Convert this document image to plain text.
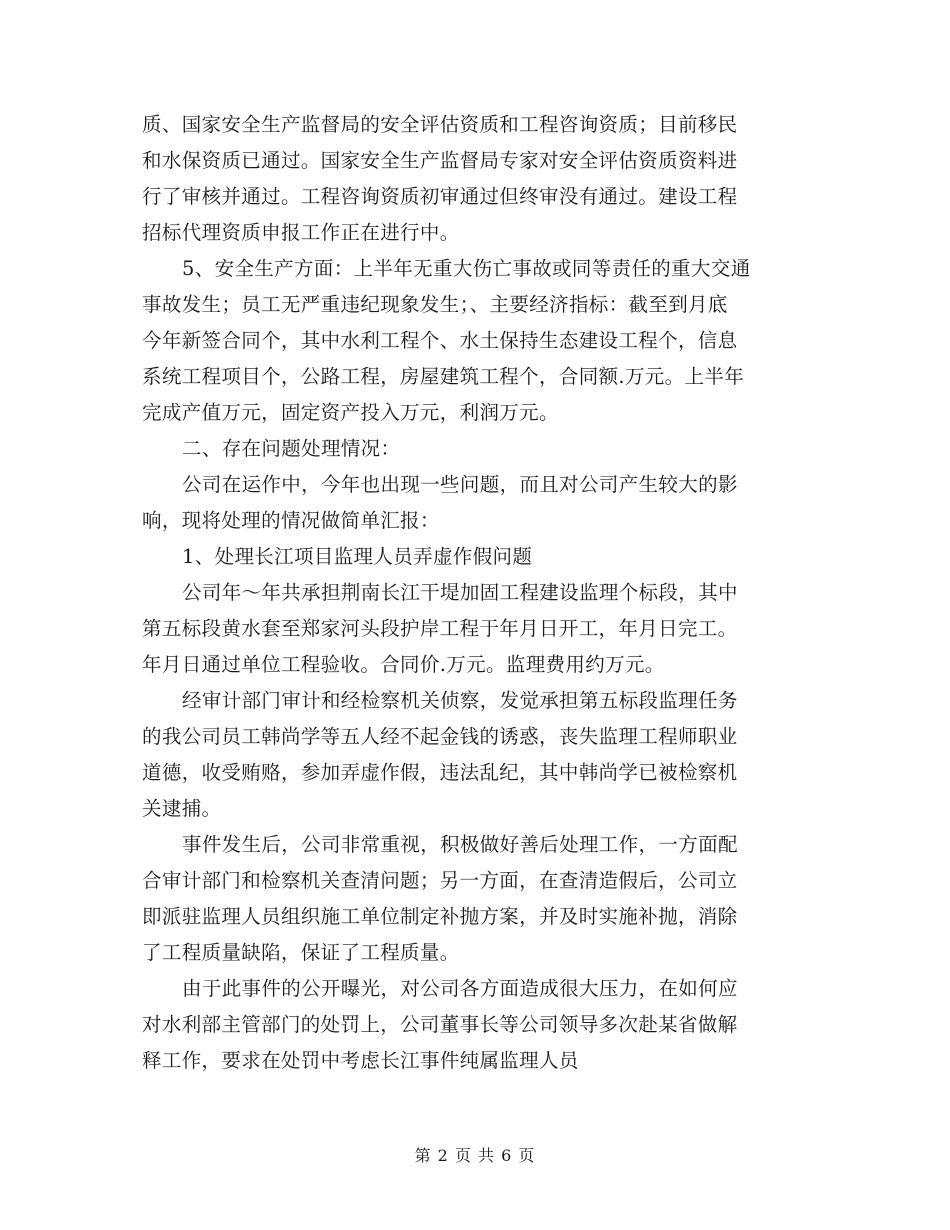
质、国家安全生产监督局的安全评估资质和工程咨询资质；目前移民
和水保资质已通过。国家安全生产监督局专家对安全评估资质资料进
行了审核并通过。工程咨询资质初审通过但终审没有通过。建设工程
招标代理资质申报工作正在进行中。

5、安全生产方面：上半年无重大伤亡事故或同等责任的重大交通
事故发生；员工无严重违纪现象发生；、主要经济指标：截至到月底
今年新签合同个，其中水利工程个、水土保持生态建设工程个，信息
系统工程项目个，公路工程，房屋建筑工程个，合同额.万元。上半年
完成产值万元，固定资产投入万元，利润万元。

二、存在问题处理情况：

公司在运作中，今年也出现一些问题，而且对公司产生较大的影
响，现将处理的情况做简单汇报：

1、处理长江项目监理人员弄虚作假问题

公司年～年共承担荆南长江干堤加固工程建设监理个标段，其中
第五标段黄水套至郑家河头段护岸工程于年月日开工，年月日完工。
年月日通过单位工程验收。合同价.万元。监理费用约万元。

经审计部门审计和经检察机关侦察，发觉承担第五标段监理任务
的我公司员工韩尚学等五人经不起金钱的诱惑，丧失监理工程师职业
道德，收受贿赂，参加弄虚作假，违法乱纪，其中韩尚学已被检察机
关逮捕。

事件发生后，公司非常重视，积极做好善后处理工作，一方面配
合审计部门和检察机关查清问题；另一方面，在查清造假后，公司立
即派驻监理人员组织施工单位制定补抛方案，并及时实施补抛，消除
了工程质量缺陷，保证了工程质量。

由于此事件的公开曝光，对公司各方面造成很大压力，在如何应
对水利部主管部门的处罚上，公司董事长等公司领导多次赴某省做解
释工作，要求在处罚中考虑长江事件纯属监理人员

第 2 页 共 6 页
